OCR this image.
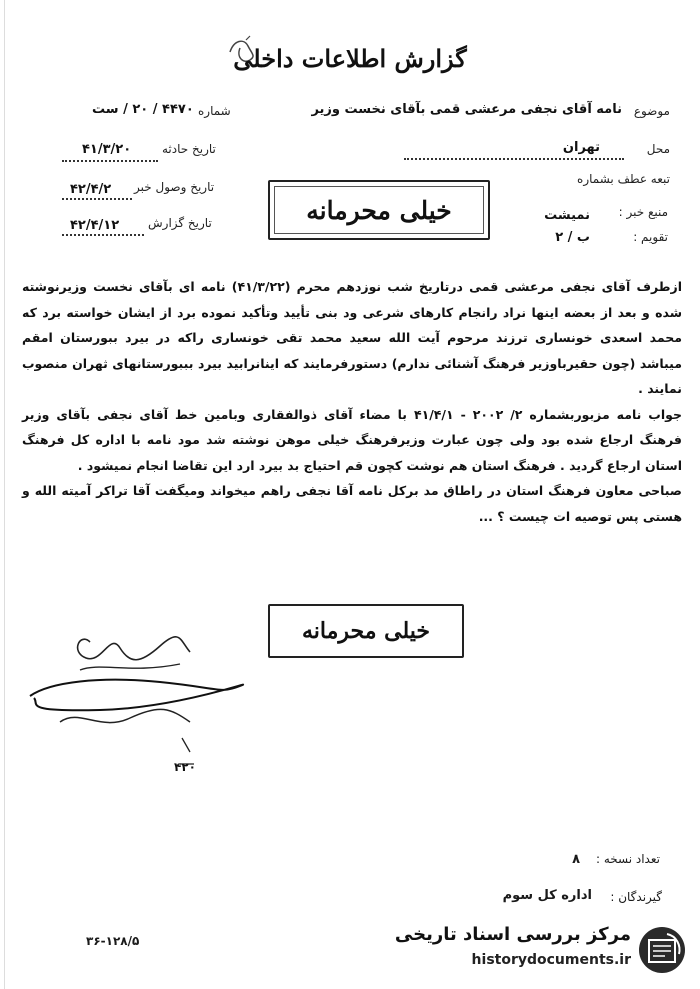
گزارش اطلاعات داخلی
موضوع
نامه آقای نجفی مرعشی قمی بآقای نخست وزیر
محل
تهران
تبعه عطف بشماره
منبع خبر :
نمیشت
تقویم :
ب / ۲
شماره
۴۴۷۰ / ۲۰ / ست
تاریخ حادثه
۴۱/۳/۲۰
تاریخ وصول خبر
۴۲/۴/۲
تاریخ گزارش
۴۲/۴/۱۲
خیلی محرمانه

ازطرف آقای نجفی مرعشی قمی درتاریخ شب نوزدهم محرم (۴۱/۳/۲۲) نامه ای بآقای نخست وزیرنوشته شده و بعد از بعضه اینها نراد رانجام کارهای شرعی ود بنی تأیید وتأکید نموده برد از ایشان خواسته برد که محمد اسعدی خونساری ترزند مرحوم آیت الله سعید محمد تقی خونساری راکه در بیرد ببورستان امقم میباشد (چون حقیرباوزیر فرهنگ آشنائی ندارم) دستورفرمایند که اینانرابید بیرد بببورستانهای ثهران منصوب نمایند .

جواب نامه مزبوربشماره ۲/ ۲۰۰۲ - ۴۱/۴/۱ با مضاء آقای ذوالفقاری وبامین خط آقای نجفی بآقای وزیر فرهنگ ارجاع شده بود ولی چون عبارت وزیرفرهنگ خیلی موهن نوشته شد مود نامه با اداره کل فرهنگ استان ارجاع گردید . فرهنگ استان هم نوشت کچون قم احتیاج بد بیرد ارد این تقاضا انجام نمیشود .

صباحی معاون فرهنگ استان در راطاق مد برکل نامه آقا نجفی راهم میخواند ومیگفت آقا تراکر آمیته الله و هستی پس توصیه ات چیست ؟ ...

خیلی محرمانه
۴۲۰
تعداد نسخه :
۸
گیرندگان :
اداره کل سوم
۳۶-۱۲۸/۵	مرکز بررسی اسناد تاریخی
historydocuments.ir
